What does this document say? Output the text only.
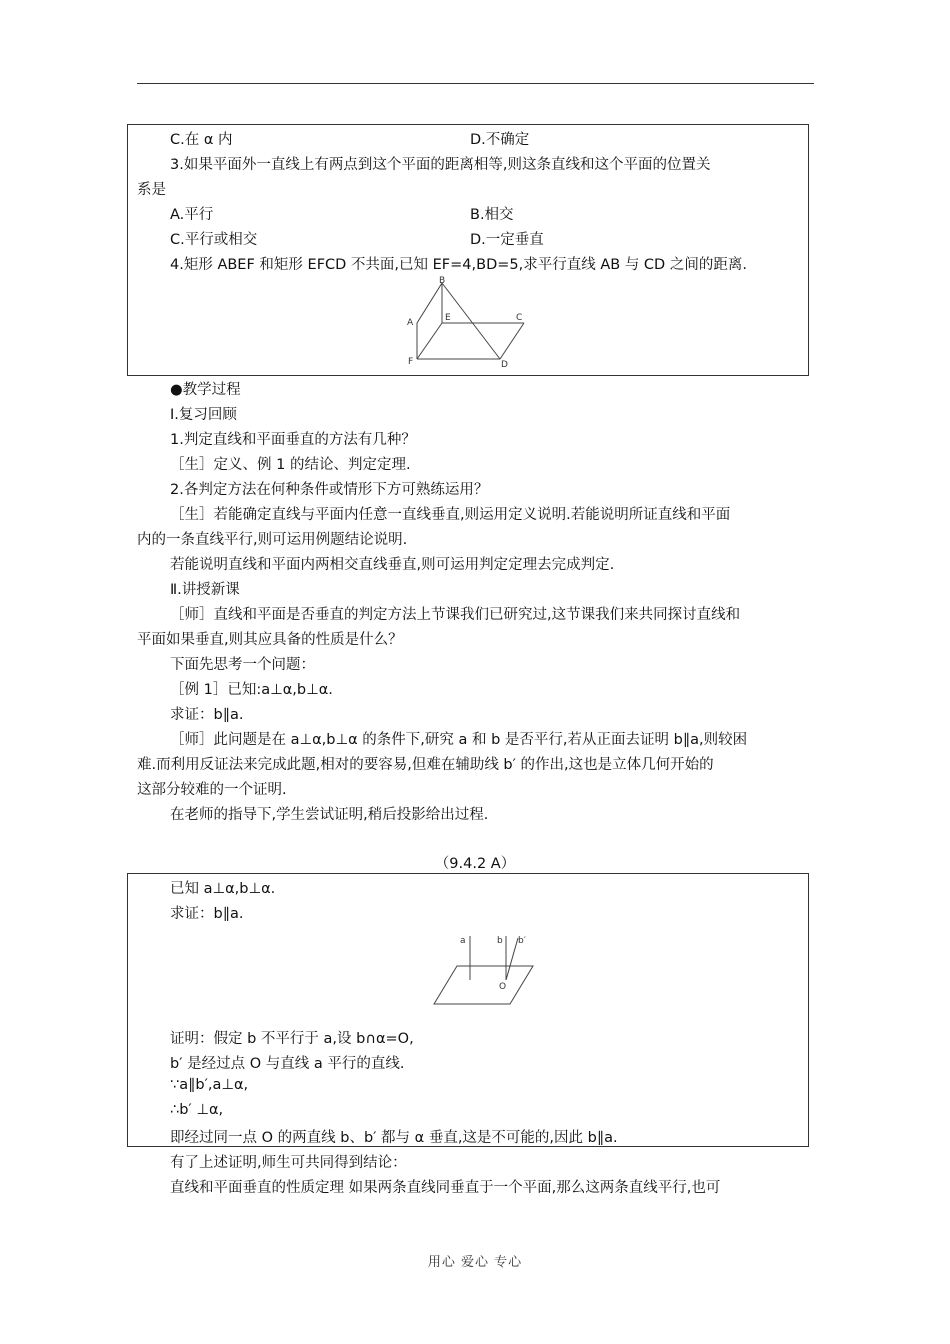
C.在 α 内	D.不确定
3.如果平面外一直线上有两点到这个平面的距离相等,则这条直线和这个平面的位置关
系是
A.平行	B.相交
C.平行或相交	D.一定垂直
4.矩形 ABEF 和矩形 EFCD 不共面,已知 EF=4,BD=5,求平行直线 AB 与 CD 之间的距离.
B
A	E	C
F	D
●教学过程
Ⅰ.复习回顾
1.判定直线和平面垂直的方法有几种？
［生］定义、例 1 的结论、判定定理.
2.各判定方法在何种条件或情形下方可熟练运用？
［生］若能确定直线与平面内任意一直线垂直,则运用定义说明.若能说明所证直线和平面
内的一条直线平行,则可运用例题结论说明.
若能说明直线和平面内两相交直线垂直,则可运用判定定理去完成判定.
Ⅱ.讲授新课
［师］直线和平面是否垂直的判定方法上节课我们已研究过,这节课我们来共同探讨直线和
平面如果垂直,则其应具备的性质是什么？
下面先思考一个问题：
［例 1］已知:a⊥α,b⊥α.
求证：b∥a.
［师］此问题是在 a⊥α,b⊥α 的条件下,研究 a 和 b 是否平行,若从正面去证明 b∥a,则较困
难.而利用反证法来完成此题,相对的要容易,但难在辅助线 b′ 的作出,这也是立体几何开始的
这部分较难的一个证明.
在老师的指导下,学生尝试证明,稍后投影给出过程.
（9.4.2 A）
已知 a⊥α,b⊥α.
求证：b∥a.
a	b b′
O
证明：假定 b 不平行于 a,设 b∩α=O,
b′ 是经过点 O 与直线 a 平行的直线.
∵a∥b′,a⊥α,
∴b′ ⊥α,
即经过同一点 O 的两直线 b、b′ 都与 α 垂直,这是不可能的,因此 b∥a.
有了上述证明,师生可共同得到结论：
直线和平面垂直的性质定理 如果两条直线同垂直于一个平面,那么这两条直线平行,也可
用心 爱心 专心
